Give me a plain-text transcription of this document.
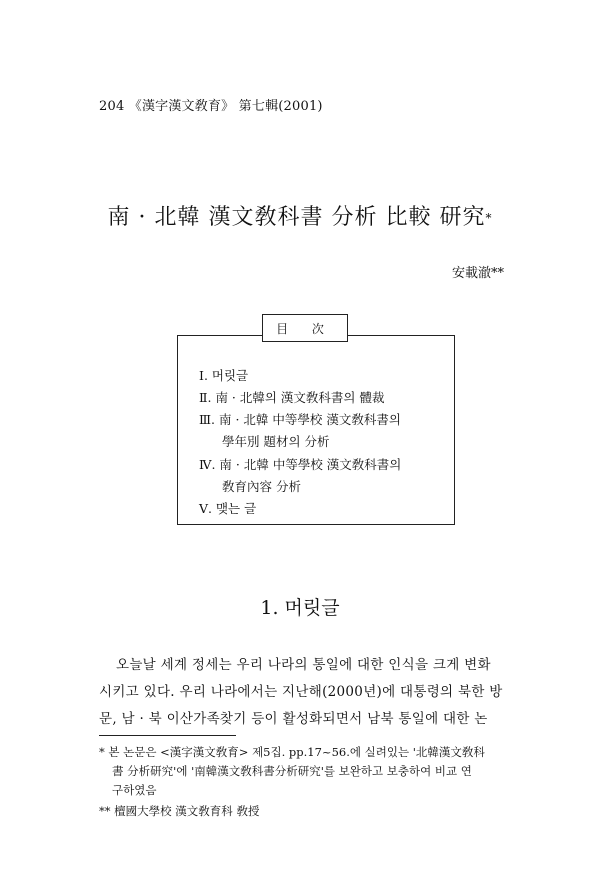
204 《漢字漢文敎育》 第七輯(2001)
南 · 北韓 漢文敎科書 分析 比較 研究*
安載澈**
目 次
Ⅰ. 머릿글
Ⅱ. 南 · 北韓의 漢文敎科書의 體裁
Ⅲ. 南 · 北韓 中等學校 漢文敎科書의
學年別 題材의 分析
Ⅳ. 南 · 北韓 中等學校 漢文敎科書의
敎育內容 分析
Ⅴ. 맺는 글
1. 머릿글
오늘날 세계 정세는 우리 나라의 통일에 대한 인식을 크게 변화
시키고 있다. 우리 나라에서는 지난해(2000년)에 대통령의 북한 방
문, 남 · 북 이산가족찾기 등이 활성화되면서 남북 통일에 대한 논
* 본 논문은 <漢字漢文敎育> 제5집. pp.17~56.에 실려있는 '北韓漢文敎科
書 分析研究'에 '南韓漢文敎科書分析研究'를 보완하고 보충하여 비교 연
구하였음
** 檀國大學校 漢文敎育科 敎授
